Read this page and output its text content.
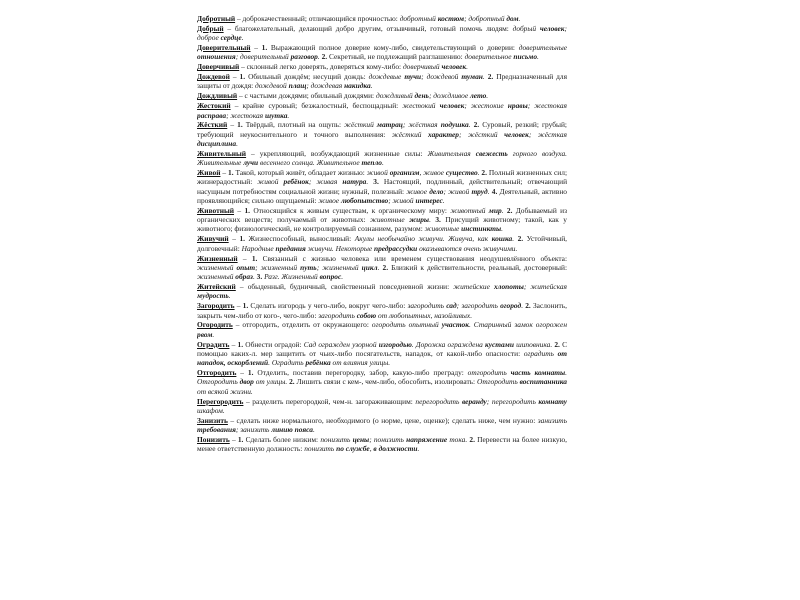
Добротный – доброкачественный; отличающийся прочностью: добротный костюм; добротный дом.

Добрый – благожелательный, делающий добро другим, отзывчивый, готовый помочь людям: добрый человек; доброе сердце.

Доверительный – 1. Выражающий полное доверие кому-либо, свидетельствующий о доверии: доверительные отношения; доверительный разговор. 2. Секретный, не подлежащий разглашению: доверительное письмо.

Доверчивый – склонный легко доверять, доверяться кому-либо: доверчивый человек.

Дождевой – 1. Обильный дождём; несущий дождь: дождевые тучи; дождевой туман. 2. Предназначенный для защиты от дождя: дождевой плащ; дождевая накидка.

Дождливый – с частыми дождями; обильный дождями: дождливый день; дождливое лето.

Жестокий – крайне суровый; безжалостный, беспощадный: жестокий человек; жестокие нравы; жестокая расправа; жестокая шутка.

Жёсткий – 1. Твёрдый, плотный на ощупь: жёсткий матрац; жёсткая подушка. 2. Суровый, резкий; грубый; требующий неукоснительного и точного выполнения: жёсткий характер; жёсткий человек; жёсткая дисциплина.

Живительный – укрепляющий, возбуждающий жизненные силы: Живительная свежесть горного воздуха. Живительные лучи весеннего солнца. Живительное тепло.

Живой – 1. Такой, который живёт, обладает жизнью: живой организм, живое существо. 2. Полный жизненных сил; жизнерадостный: живой ребёнок; живая натура. 3. Настоящий, подлинный, действительный; отвечающий насущным потребностям социальной жизни; нужный, полезный: живое дело; живой труд. 4. Деятельный, активно проявляющийся; сильно ощущаемый: живое любопытство; живой интерес.

Животный – 1. Относящийся к живым существам, к органическому миру: животный мир. 2. Добываемый из органических веществ; получаемый от животных: животные жиры. 3. Присущий животному; такой, как у животного; физиологический, не контролируемый сознанием, разумом: животные инстинкты.

Живучий – 1. Жизнеспособный, выносливый: Акулы необычайно живучи. Живуча, как кошка. 2. Устойчивый, долговечный: Народные предания живучи. Некоторые предрассудки оказываются очень живучими.

Жизненный – 1. Связанный с жизнью человека или временем существования неодушевлённого объекта: жизненный опыт; жизненный путь; жизненный цикл. 2. Близкий к действительности, реальный, достоверный: жизненный образ. 3. Разг. Жизненный вопрос.

Житейский – обыденный, будничный, свойственный повседневной жизни: житейские хлопоты; житейская мудрость.

Загородить – 1. Сделать изгородь у чего-либо, вокруг чего-либо: загородить сад; загородить огород. 2. Заслонить, закрыть чем-либо от кого-, чего-либо: загородить собою от любопытных, назойливых.

Огородить – отгородить, отделить от окружающего: огородить опытный участок. Старинный замок огорожен рвом.

Оградить – 1. Обнести оградой: Сад огражден узорной изгородью. Дорожка ограждена кустами шиповника. 2. С помощью каких-л. мер защитить от чьих-либо посягательств, нападок, от какой-либо опасности: оградить от нападок, оскорблений. Оградить ребёнка от влияния улицы.

Отгородить – 1. Отделить, поставив перегородку, забор, какую-либо преграду: отгородить часть комнаты. Отгородить двор от улицы. 2. Лишить связи с кем-, чем-либо, обособить, изолировать: Отгородить воспитанника от всякой жизни.

Перегородить – разделить перегородкой, чем-н. загораживающим: перегородить веранду; перегородить комнату шкафом.

Занизить – сделать ниже нормального, необходимого (о норме, цене, оценке); сделать ниже, чем нужно: занизить требования; занизить линию пояса.

Понизить – 1. Сделать более низким: понизить цены; понизить напряжение тока. 2. Перевести на более низкую, менее ответственную должность: понизить по службе, в должности.
